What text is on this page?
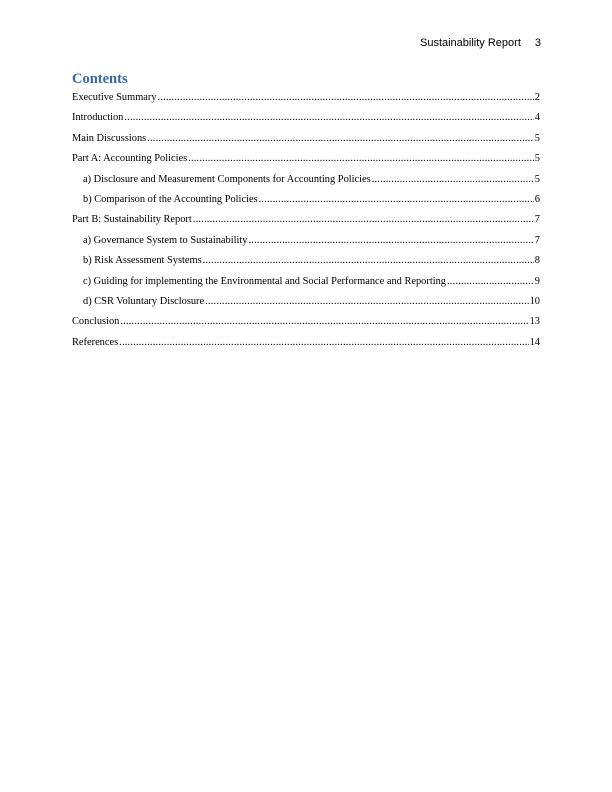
Sustainability Report 3
Contents
Executive Summary .....	2
Introduction .....	4
Main Discussions .....	5
Part A: Accounting Policies .....	5
a) Disclosure and Measurement Components for Accounting Policies .....	5
b) Comparison of the Accounting Policies .....	6
Part B: Sustainability Report .....	7
a) Governance System to Sustainability .....	7
b) Risk Assessment Systems .....	8
c) Guiding for implementing the Environmental and Social Performance and Reporting .....	9
d) CSR Voluntary Disclosure .....	10
Conclusion .....	13
References .....	14
